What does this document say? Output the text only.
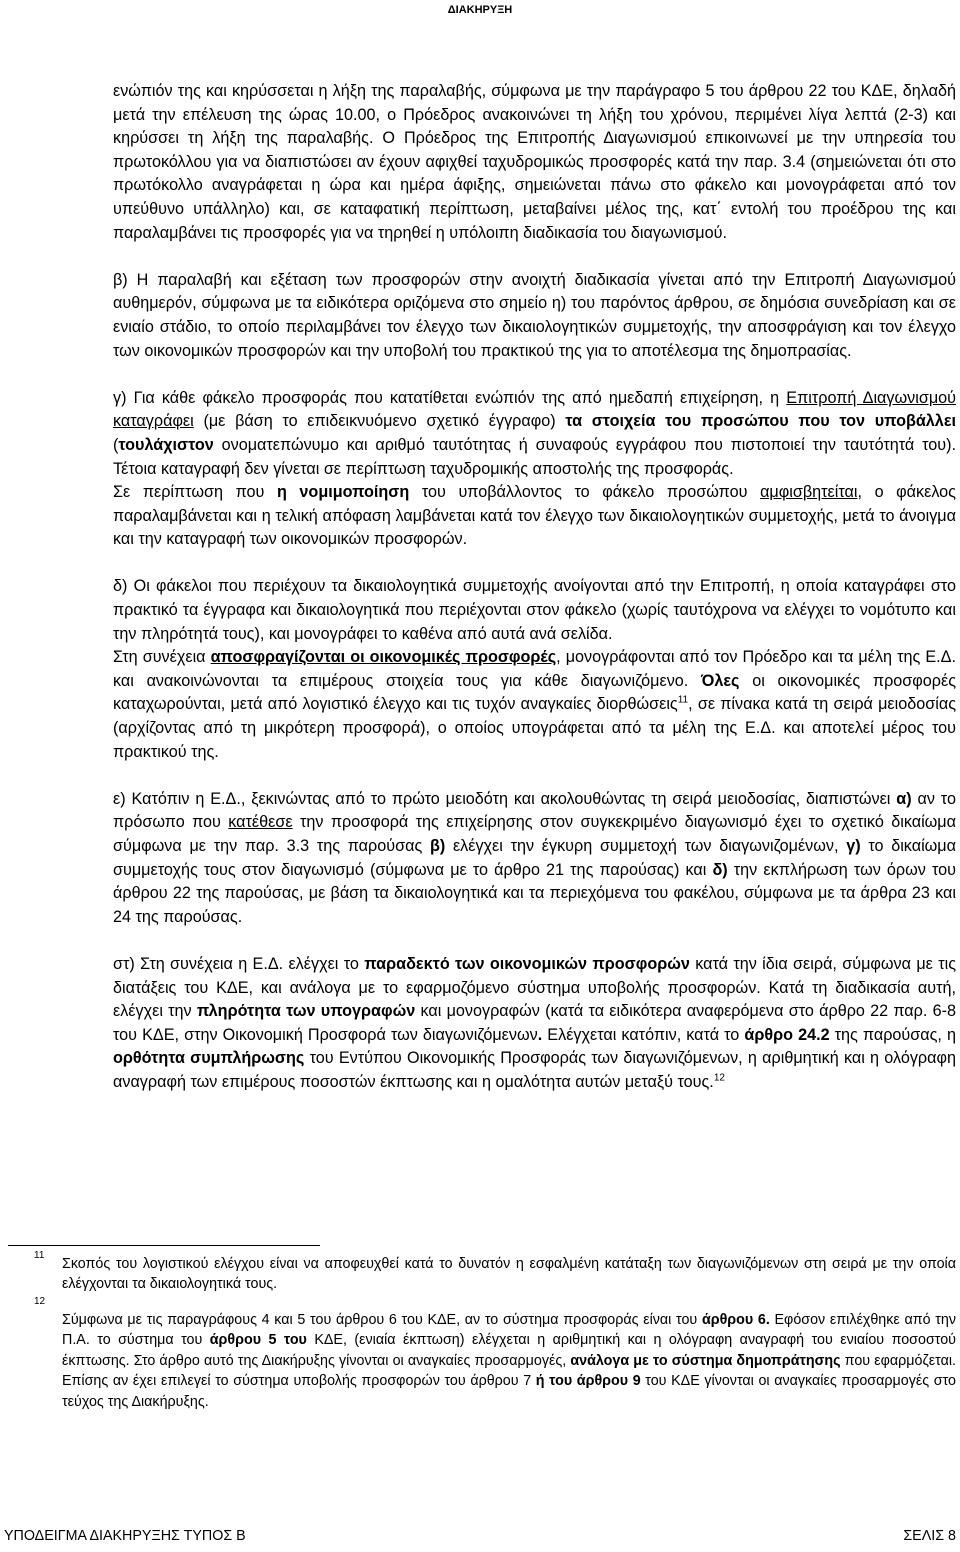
ΔΙΑΚΗΡΥΞΗ

ενώπιόν της και κηρύσσεται η λήξη της παραλαβής, σύμφωνα με την παράγραφο 5 του άρθρου 22 του ΚΔΕ, δηλαδή μετά την επέλευση της ώρας 10.00, ο Πρόεδρος ανακοινώνει τη λήξη του χρόνου, περιμένει λίγα λεπτά (2-3) και κηρύσσει τη λήξη της παραλαβής. Ο Πρόεδρος της Επιτροπής Διαγωνισμού επικοινωνεί με την υπηρεσία του πρωτοκόλλου για να διαπιστώσει αν έχουν αφιχθεί ταχυδρομικώς προσφορές κατά την παρ. 3.4 (σημειώνεται ότι στο πρωτόκολλο αναγράφεται η ώρα και ημέρα άφιξης, σημειώνεται πάνω στο φάκελο και μονογράφεται από τον υπεύθυνο υπάλληλο) και, σε καταφατική περίπτωση, μεταβαίνει μέλος της, κατ΄ εντολή του προέδρου της και παραλαμβάνει τις προσφορές για να τηρηθεί η υπόλοιπη διαδικασία του διαγωνισμού.

β) Η παραλαβή και εξέταση των προσφορών στην ανοιχτή διαδικασία γίνεται από την Επιτροπή Διαγωνισμού αυθημερόν, σύμφωνα με τα ειδικότερα οριζόμενα στο σημείο η) του παρόντος άρθρου, σε δημόσια συνεδρίαση και σε ενιαίο στάδιο, το οποίο περιλαμβάνει τον έλεγχο των δικαιολογητικών συμμετοχής, την αποσφράγιση και τον έλεγχο των οικονομικών προσφορών και την υποβολή του πρακτικού της για το αποτέλεσμα της δημοπρασίας.

γ) Για κάθε φάκελο προσφοράς που κατατίθεται ενώπιόν της από ημεδαπή επιχείρηση, η Επιτροπή Διαγωνισμού καταγράφει (με βάση το επιδεικνυόμενο σχετικό έγγραφο) τα στοιχεία του προσώπου που τον υποβάλλει (τουλάχιστον ονοματεπώνυμο και αριθμό ταυτότητας ή συναφούς εγγράφου που πιστοποιεί την ταυτότητά του). Τέτοια καταγραφή δεν γίνεται σε περίπτωση ταχυδρομικής αποστολής της προσφοράς.

Σε περίπτωση που η νομιμοποίηση του υποβάλλοντος το φάκελο προσώπου αμφισβητείται, ο φάκελος παραλαμβάνεται και η τελική απόφαση λαμβάνεται κατά τον έλεγχο των δικαιολογητικών συμμετοχής, μετά το άνοιγμα και την καταγραφή των οικονομικών προσφορών.

δ) Οι φάκελοι που περιέχουν τα δικαιολογητικά συμμετοχής ανοίγονται από την Επιτροπή, η οποία καταγράφει στο πρακτικό τα έγγραφα και δικαιολογητικά που περιέχονται στον φάκελο (χωρίς ταυτόχρονα να ελέγχει το νομότυπο και την πληρότητά τους), και μονογράφει το καθένα από αυτά ανά σελίδα.

Στη συνέχεια αποσφραγίζονται οι οικονομικές προσφορές, μονογράφονται από τον Πρόεδρο και τα μέλη της Ε.Δ. και ανακοινώνονται τα επιμέρους στοιχεία τους για κάθε διαγωνιζόμενο. Όλες οι οικονομικές προσφορές καταχωρούνται, μετά από λογιστικό έλεγχο και τις τυχόν αναγκαίες διορθώσεις$^{11}$, σε πίνακα κατά τη σειρά μειοδοσίας (αρχίζοντας από τη μικρότερη προσφορά), ο οποίος υπογράφεται από τα μέλη της Ε.Δ. και αποτελεί μέρος του πρακτικού της.

ε) Κατόπιν η Ε.Δ., ξεκινώντας από το πρώτο μειοδότη και ακολουθώντας τη σειρά μειοδοσίας, διαπιστώνει α) αν το πρόσωπο που κατέθεσε την προσφορά της επιχείρησης στον συγκεκριμένο διαγωνισμό έχει το σχετικό δικαίωμα σύμφωνα με την παρ. 3.3 της παρούσας β) ελέγχει την έγκυρη συμμετοχή των διαγωνιζομένων, γ) το δικαίωμα συμμετοχής τους στον διαγωνισμό (σύμφωνα με το άρθρο 21 της παρούσας) και δ) την εκπλήρωση των όρων του άρθρου 22 της παρούσας, με βάση τα δικαιολογητικά και τα περιεχόμενα του φακέλου, σύμφωνα με τα άρθρα 23 και 24 της παρούσας.

στ) Στη συνέχεια η Ε.Δ. ελέγχει το παραδεκτό των οικονομικών προσφορών κατά την ίδια σειρά, σύμφωνα με τις διατάξεις του ΚΔΕ, και ανάλογα με το εφαρμοζόμενο σύστημα υποβολής προσφορών. Κατά τη διαδικασία αυτή, ελέγχει την πληρότητα των υπογραφών και μονογραφών (κατά τα ειδικότερα αναφερόμενα στο άρθρο 22 παρ. 6-8 του ΚΔΕ, στην Οικονομική Προσφορά των διαγωνιζόμενων. Ελέγχεται κατόπιν, κατά το άρθρο 24.2 της παρούσας, η ορθότητα συμπλήρωσης του Εντύπου Οικονομικής Προσφοράς των διαγωνιζόμενων, η αριθμητική και η ολόγραφη αναγραφή των επιμέρους ποσοστών έκπτωσης και η ομαλότητα αυτών μεταξύ τους.$^{12}$

11
Σκοπός του λογιστικού ελέγχου είναι να αποφευχθεί κατά το δυνατόν η εσφαλμένη κατάταξη των διαγωνιζόμενων στη σειρά με την οποία ελέγχονται τα δικαιολογητικά τους.
12
Σύμφωνα με τις παραγράφους 4 και 5 του άρθρου 6 του ΚΔΕ, αν το σύστημα προσφοράς είναι του άρθρου 6. Εφόσον επιλέχθηκε από την Π.Α. το σύστημα του άρθρου 5 του ΚΔΕ, (ενιαία έκπτωση) ελέγχεται η αριθμητική και η ολόγραφη αναγραφή του ενιαίου ποσοστού έκπτωσης. Στο άρθρο αυτό της Διακήρυξης γίνονται οι αναγκαίες προσαρμογές, ανάλογα με το σύστημα δημοπράτησης που εφαρμόζεται. Επίσης αν έχει επιλεγεί το σύστημα υποβολής προσφορών του άρθρου 7 ή του άρθρου 9 του ΚΔΕ γίνονται οι αναγκαίες προσαρμογές στο τεύχος της Διακήρυξης.
ΥΠΟΔΕΙΓΜΑ ΔΙΑΚΗΡΥΞΗΣ ΤΥΠΟΣ Β	ΣΕΛΙΣ 8
